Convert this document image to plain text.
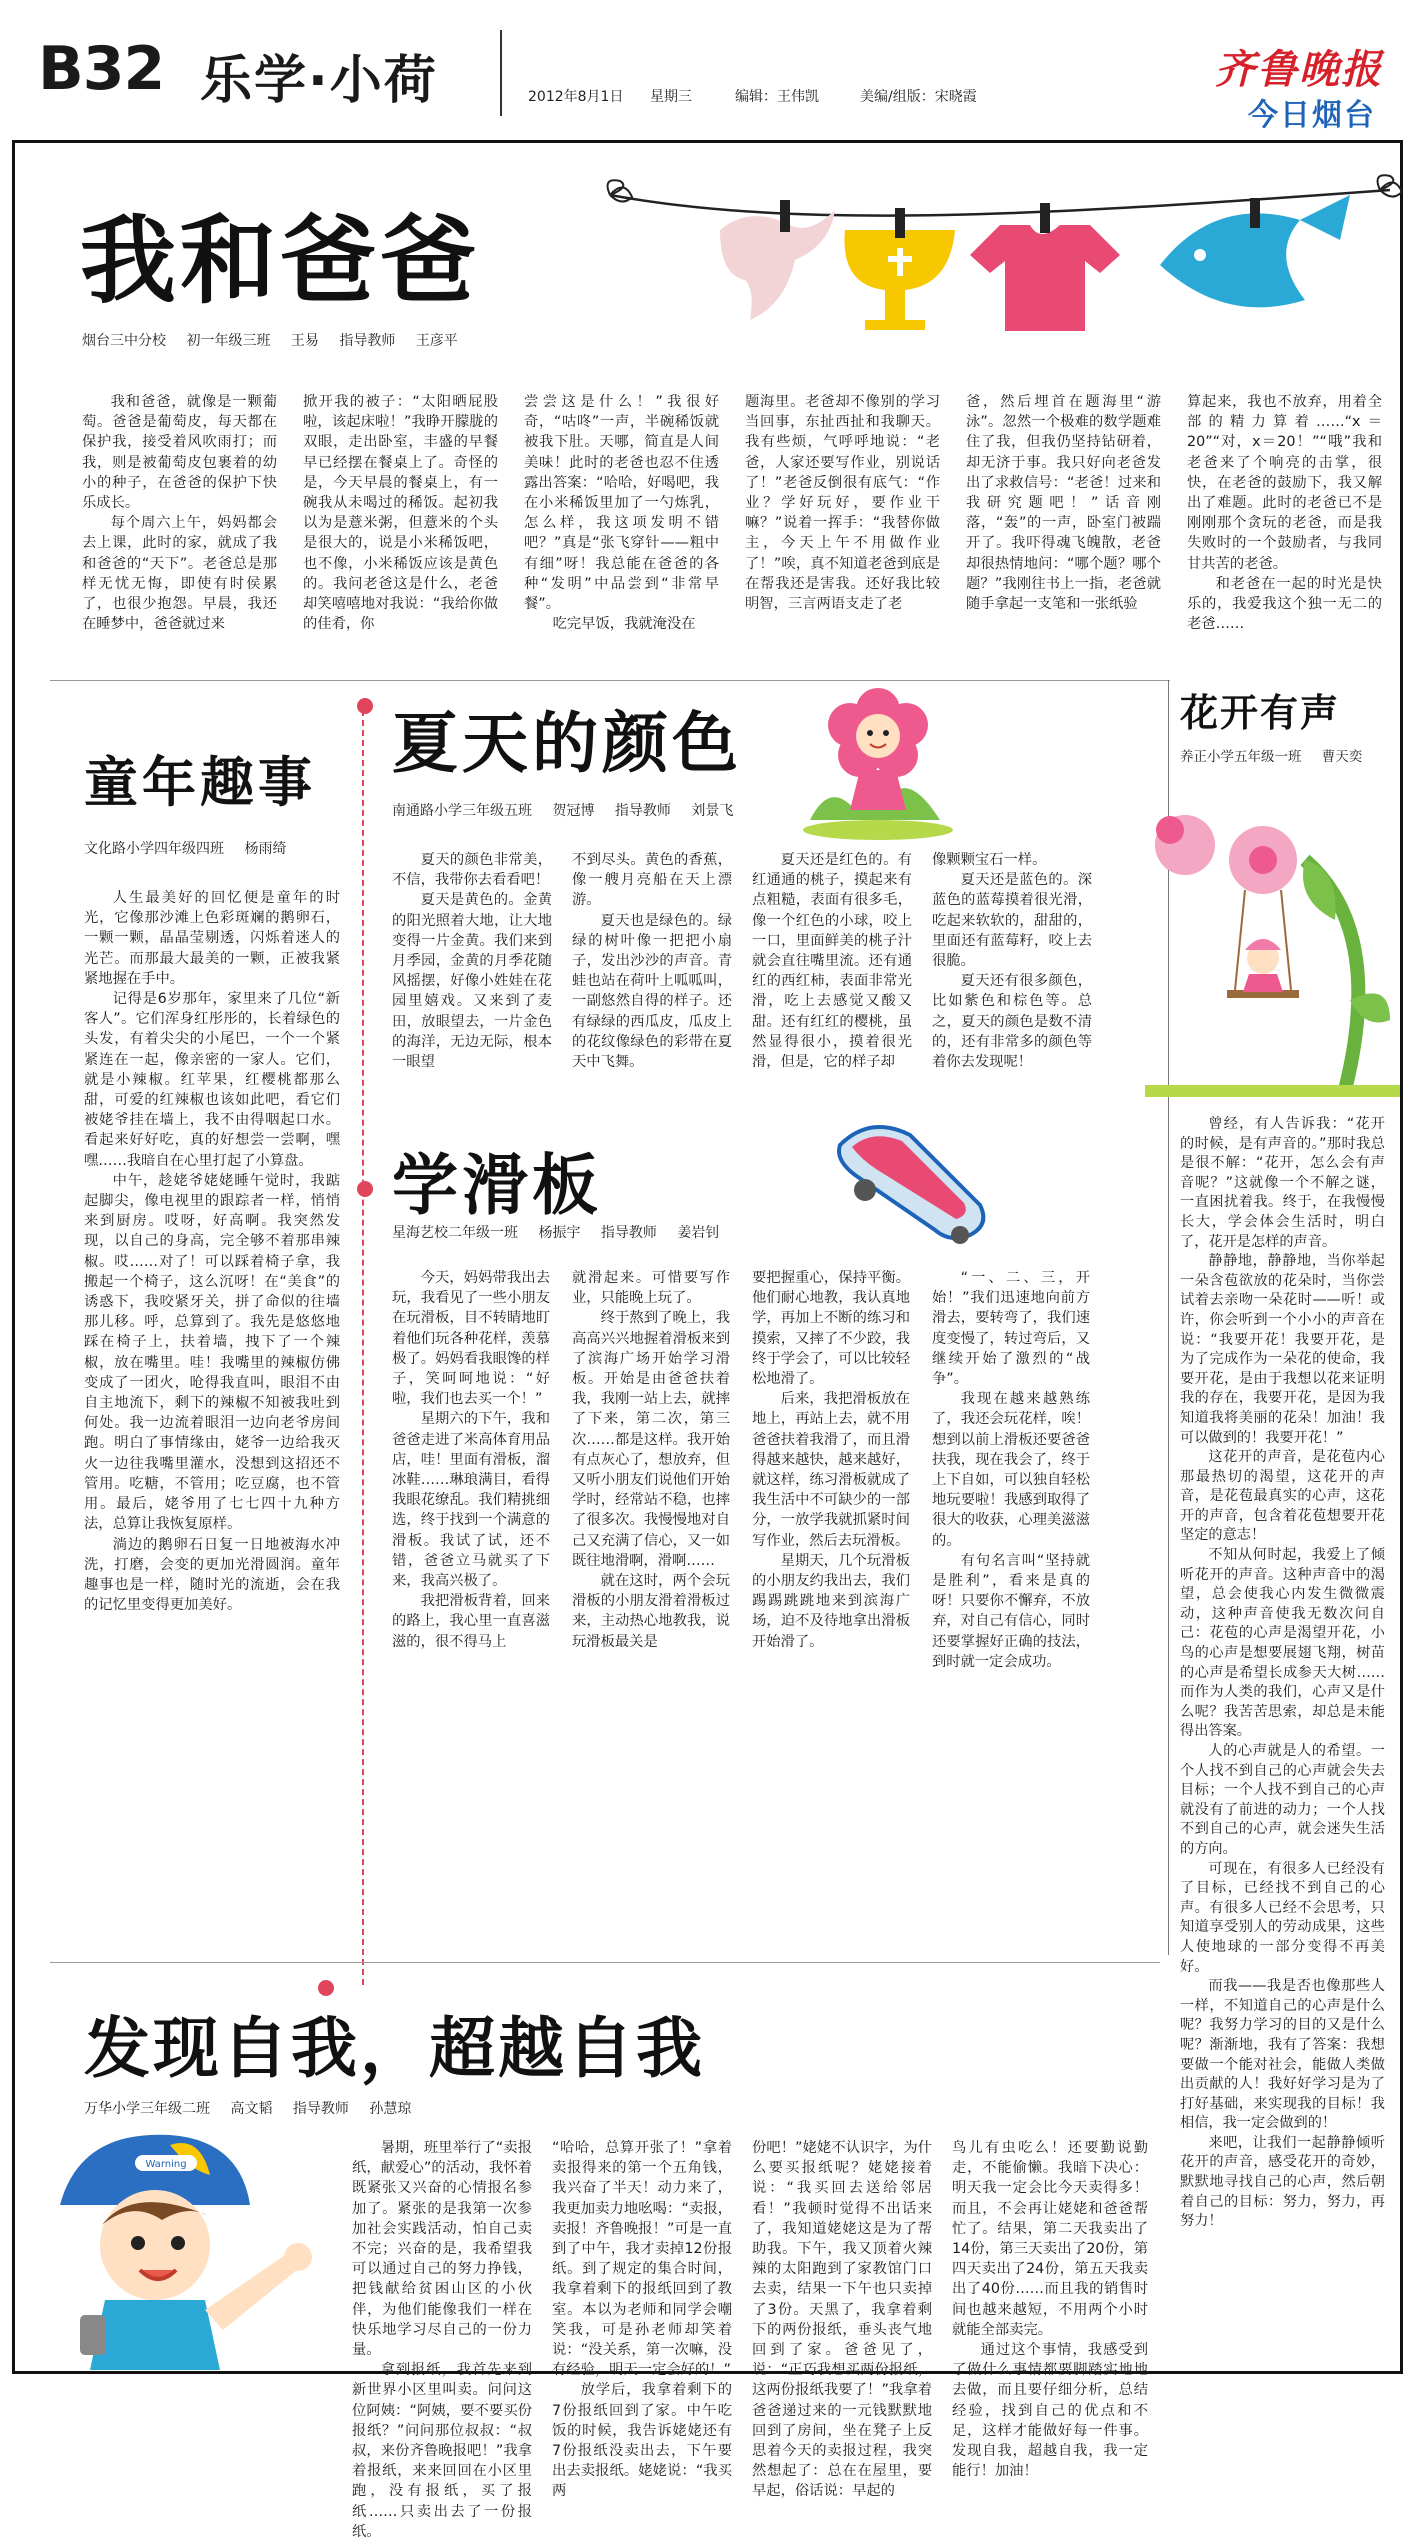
B32 乐学·小荷	2012年8月1日 星期三	编辑：王伟凯	美编/组版：宋晓霞
齐鲁晚报
今日烟台
我和爸爸
烟台三中分校 初一年级三班 王易 指导教师 王彦平

我和爸爸，就像是一颗葡萄。爸爸是葡萄皮，每天都在保护我，接受着风吹雨打；而我，则是被葡萄皮包裹着的幼小的种子，在爸爸的保护下快乐成长。

每个周六上午，妈妈都会去上课，此时的家，就成了我和爸爸的“天下”。老爸总是那样无忧无悔，即使有时侯累了，也很少抱怨。早晨，我还在睡梦中，爸爸就过来

掀开我的被子：“太阳晒屁股啦，该起床啦！”我睁开朦胧的双眼，走出卧室，丰盛的早餐早已经摆在餐桌上了。奇怪的是，今天早晨的餐桌上，有一碗我从未喝过的稀饭。起初我以为是薏米粥，但薏米的个头是很大的，说是小米稀饭吧，也不像，小米稀饭应该是黄色的。我问老爸这是什么，老爸却笑嘻嘻地对我说：“我给你做的佳肴，你

尝尝这是什么！”我很好奇，“咕咚”一声，半碗稀饭就被我下肚。天哪，简直是人间美味！此时的老爸也忍不住透露出答案：“哈哈，好喝吧，我在小米稀饭里加了一勺炼乳，怎么样，我这项发明不错吧？”真是“张飞穿针——粗中有细”呀！我总能在爸爸的各种“发明”中品尝到“非常早餐”。

吃完早饭，我就淹没在

题海里。老爸却不像别的学习当回事，东扯西扯和我聊天。我有些烦，气呼呼地说：“老爸，人家还要写作业，别说话了！”老爸反倒很有底气：“作业？学好玩好，要作业干嘛？”说着一挥手：“我替你做主，今天上午不用做作业了！”唉，真不知道老爸到底是在帮我还是害我。还好我比较明智，三言两语支走了老

爸，然后埋首在题海里“游泳”。忽然一个极难的数学题难住了我，但我仍坚持钻研着，却无济于事。我只好向老爸发出了求救信号：“老爸！过来和我研究题吧！”话音刚落，“轰”的一声，卧室门被踹开了。我吓得魂飞魄散，老爸却很热情地问：“哪个题？哪个题？”我刚往书上一指，老爸就随手拿起一支笔和一张纸验

算起来，我也不放弃，用着全部的精力算着……“x＝20”“对，x＝20！”“哦”我和老爸来了个响亮的击掌，很快，在老爸的鼓励下，我又解出了难题。此时的老爸已不是刚刚那个贪玩的老爸，而是我失败时的一个鼓励者，与我同甘共苦的老爸。

和老爸在一起的时光是快乐的，我爱我这个独一无二的老爸……

童年趣事
文化路小学四年级四班 杨雨绮

人生最美好的回忆便是童年的时光，它像那沙滩上色彩斑斓的鹅卵石，一颗一颗，晶晶莹剔透，闪烁着迷人的光芒。而那最大最美的一颗，正被我紧紧地握在手中。

记得是6岁那年，家里来了几位“新客人”。它们浑身红彤彤的，长着绿色的头发，有着尖尖的小尾巴，一个一个紧紧连在一起，像亲密的一家人。它们，就是小辣椒。红苹果，红樱桃都那么甜，可爱的红辣椒也该如此吧，看它们被姥爷挂在墙上，我不由得咽起口水。看起来好好吃，真的好想尝一尝啊，嘿嘿……我暗自在心里打起了小算盘。

中午，趁姥爷姥姥睡午觉时，我踮起脚尖，像电视里的跟踪者一样，悄悄来到厨房。哎呀，好高啊。我突然发现，以自己的身高，完全够不着那串辣椒。哎……对了！可以踩着椅子拿，我搬起一个椅子，这么沉呀！在“美食”的诱惑下，我咬紧牙关，拼了命似的往墙那儿移。呼，总算到了。我先是悠悠地踩在椅子上，扶着墙，拽下了一个辣椒，放在嘴里。哇！我嘴里的辣椒仿佛变成了一团火，呛得我直叫，眼泪不由自主地流下，剩下的辣椒不知被我吐到何处。我一边流着眼泪一边向老爷房间跑。明白了事情缘由，姥爷一边给我灭火一边往我嘴里灌水，没想到这招还不管用。吃糖，不管用；吃豆腐，也不管用。最后，姥爷用了七七四十九种方法，总算让我恢复原样。

淌边的鹅卵石日复一日地被海水冲洗，打磨，会变的更加光滑圆润。童年趣事也是一样，随时光的流逝，会在我的记忆里变得更加美好。

夏天的颜色
南通路小学三年级五班 贺冠博 指导教师 刘景飞

夏天的颜色非常美，不信，我带你去看看吧！

夏天是黄色的。金黄的阳光照着大地，让大地变得一片金黄。我们来到月季园，金黄的月季花随风摇摆，好像小姓娃在花园里嬉戏。又来到了麦田，放眼望去，一片金色的海洋，无边无际，根本一眼望

不到尽头。黄色的香蕉，像一艘月亮船在天上漂游。

夏天也是绿色的。绿绿的树叶像一把把小扇子，发出沙沙的声音。青蛙也站在荷叶上呱呱叫，一副悠然自得的样子。还有绿绿的西瓜皮，瓜皮上的花纹像绿色的彩带在夏天中飞舞。

夏天还是红色的。有红通通的桃子，摸起来有点粗糙，表面有很多毛，像一个红色的小球，咬上一口，里面鲜美的桃子汁就会直往嘴里流。还有通红的西红柿，表面非常光滑，吃上去感觉又酸又甜。还有红红的樱桃，虽然显得很小，摸着很光滑，但是，它的样子却

像颗颗宝石一样。

夏天还是蓝色的。深蓝色的蓝莓摸着很光滑，吃起来软软的，甜甜的，里面还有蓝莓籽，咬上去很脆。

夏天还有很多颜色，比如紫色和棕色等。总之，夏天的颜色是数不清的，还有非常多的颜色等着你去发现呢！

花开有声
养正小学五年级一班 曹天奕

曾经，有人告诉我：“花开的时候，是有声音的。”那时我总是很不解：“花开，怎么会有声音呢？”这就像一个不解之谜，一直困扰着我。终于，在我慢慢长大，学会体会生活时，明白了，花开是怎样的声音。

静静地，静静地，当你举起一朵含苞欲放的花朵时，当你尝试着去亲吻一朵花时——听！或许，你会听到一个小小的声音在说：“我要开花！我要开花，是为了完成作为一朵花的使命，我要开花，是由于我想以花来证明我的存在，我要开花，是因为我知道我将美丽的花朵！加油！我可以做到的！我要开花！”

这花开的声音，是花苞内心那最热切的渴望，这花开的声音，是花苞最真实的心声，这花开的声音，包含着花苞想要开花坚定的意志！

不知从何时起，我爱上了倾听花开的声音。这种声音中的渴望，总会使我心内发生微微震动，这种声音使我无数次问自己：花苞的心声是渴望开花，小鸟的心声是想要展翅飞翔，树苗的心声是希望长成参天大树……而作为人类的我们，心声又是什么呢？我苦苦思索，却总是未能得出答案。

人的心声就是人的希望。一个人找不到自己的心声就会失去目标；一个人找不到自己的心声就没有了前进的动力；一个人找不到自己的心声，就会迷失生活的方向。

可现在，有很多人已经没有了目标，已经找不到自己的心声。有很多人已经不会思考，只知道享受别人的劳动成果，这些人使地球的一部分变得不再美好。

而我——我是否也像那些人一样，不知道自己的心声是什么呢？我努力学习的目的又是什么呢？渐渐地，我有了答案：我想要做一个能对社会，能做人类做出贡献的人！我好好学习是为了打好基础，来实现我的目标！我相信，我一定会做到的！

来吧，让我们一起静静倾听花开的声音，感受花开的奇妙，默默地寻找自己的心声，然后朝着自己的目标：努力，努力，再努力！

学滑板
星海艺校二年级一班 杨振宇 指导教师 姜岩钊

今天，妈妈带我出去玩，我看见了一些小朋友在玩滑板，目不转睛地盯着他们玩各种花样，羡慕极了。妈妈看我眼馋的样子，笑呵呵地说：“好啦，我们也去买一个！”

星期六的下午，我和爸爸走进了米高体育用品店，哇！里面有滑板，溜冰鞋……琳琅满目，看得我眼花缭乱。我们精挑细选，终于找到一个满意的滑板。我试了试，还不错，爸爸立马就买了下来，我高兴极了。

我把滑板背着，回来的路上，我心里一直喜滋滋的，很不得马上

就滑起来。可惜要写作业，只能晚上玩了。

终于熬到了晚上，我高高兴兴地握着滑板来到了滨海广场开始学习滑板。开始是由爸爸扶着我，我刚一站上去，就摔了下来，第二次，第三次……都是这样。我开始有点灰心了，想放弃，但又听小朋友们说他们开始学时，经常站不稳，也摔了很多次。我慢慢地对自己又充满了信心，又一如既往地滑啊，滑啊……

就在这时，两个会玩滑板的小朋友滑着滑板过来，主动热心地教我，说玩滑板最关是

要把握重心，保持平衡。他们耐心地教，我认真地学，再加上不断的练习和摸索，又摔了不少跤，我终于学会了，可以比较轻松地滑了。

后来，我把滑板放在地上，再站上去，就不用爸爸扶着我滑了，而且滑得越来越快，越来越好，就这样，练习滑板就成了我生活中不可缺少的一部分，一放学我就抓紧时间写作业，然后去玩滑板。

星期天，几个玩滑板的小朋友约我出去，我们踢踢跳跳地来到滨海广场，迫不及待地拿出滑板开始滑了。

“一、二、三，开始！”我们迅速地向前方滑去，要转弯了，我们速度变慢了，转过弯后，又继续开始了激烈的“战争”。

我现在越来越熟练了，我还会玩花样，唉！想到以前上滑板还要爸爸扶我，现在我会了，终于上下自如，可以独自轻松地玩要啦！我感到取得了很大的收获，心理美滋滋的。

有句名言叫“坚持就是胜利”，看来是真的呀！只要你不懈弃，不放弃，对自己有信心，同时还要掌握好正确的技法，到时就一定会成功。

发现自我，超越自我
万华小学三年级二班 高文韬 指导教师 孙慧琼
Warning

暑期，班里举行了“卖报纸，献爱心”的活动，我怀着既紧张又兴奋的心情报名参加了。紧张的是我第一次参加社会实践活动，怕自己卖不完；兴奋的是，我希望我可以通过自己的努力挣钱，把钱献给贫困山区的小伙伴，为他们能像我们一样在快乐地学习尽自己的一份力量。

拿到报纸，我首先来到新世界小区里叫卖。问问这位阿姨：“阿姨，要不要买份报纸？”问问那位叔叔：“叔叔，来份齐鲁晚报吧！”我拿着报纸，来来回回在小区里跑，没有报纸，买了报纸……只卖出去了一份报纸。

“哈哈，总算开张了！”拿着卖报得来的第一个五角钱，我兴奋了半天！动力来了，我更加卖力地吆喝：“卖报，卖报！齐鲁晚报！”可是一直到了中午，我才卖掉12份报纸。到了规定的集合时间，我拿着剩下的报纸回到了教室。本以为老师和同学会嘲笑我，可是孙老师却笑着说：“没关系，第一次嘛，没有经验，明天一定会好的！”

放学后，我拿着剩下的7份报纸回到了家。中午吃饭的时候，我告诉姥姥还有7份报纸没卖出去，下午要出去卖报纸。姥姥说：“我买两

份吧！”姥姥不认识字，为什么要买报纸呢？姥姥接着说：“我买回去送给邻居看！”我顿时觉得不出话来了，我知道姥姥这是为了帮助我。下午，我又顶着火辣辣的太阳跑到了家教馆门口去卖，结果一下午也只卖掉了3份。天黑了，我拿着剩下的两份报纸，垂头丧气地回到了家。爸爸见了，说：“正巧我想买两份报纸，这两份报纸我要了！”我拿着爸爸递过来的一元钱默默地回到了房间，坐在凳子上反思着今天的卖报过程，我突然想起了：总在在屋里，要早起，俗话说：早起的

鸟儿有虫吃么！还要勤说勤走，不能偷懒。我暗下决心：明天我一定会比今天卖得多！而且，不会再让姥姥和爸爸帮忙了。结果，第二天我卖出了14份，第三天卖出了20份，第四天卖出了24份，第五天我卖出了40份……而且我的销售时间也越来越短，不用两个小时就能全部卖完。

通过这个事情，我感受到了做什么事情都要脚踏实地地去做，而且要仔细分析，总结经验，找到自己的优点和不足，这样才能做好每一件事。发现自我，超越自我，我一定能行！加油！
